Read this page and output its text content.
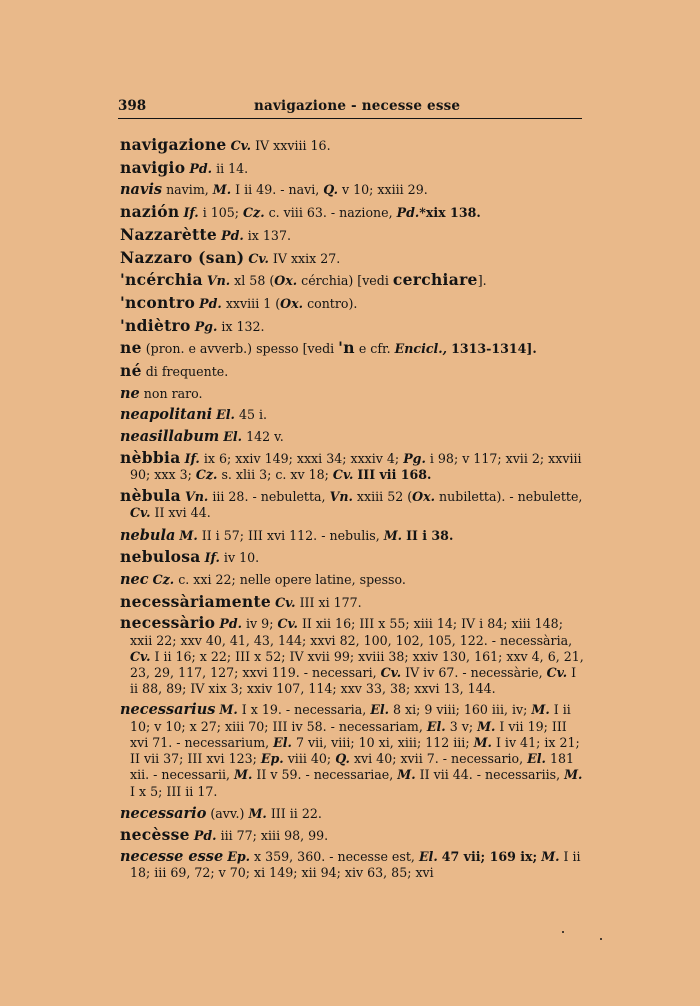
398	navigazione - necesse esse

navigazione Cv. IV xxviii 16.

navigio Pd. ii 14.

navis navim, M. I ii 49. - navi, Q. v 10; xxiii 29.

nazión If. i 105; Cz. c. viii 63. - nazione, Pd.*xix 138.

Nazzarètte Pd. ix 137.

Nazzaro (san) Cv. IV xxix 27.

'ncérchia Vn. xl 58 (Ox. cérchia) [vedi cerchiare].

'ncontro Pd. xxviii 1 (Ox. contro).

'ndiètro Pg. ix 132.

ne (pron. e avverb.) spesso [vedi 'n e cfr. Encicl., 1313-1314].

né di frequente.

ne non raro.

neapolitani El. 45 i.

neasillabum El. 142 v.

nèbbia If. ix 6; xxiv 149; xxxi 34; xxxiv 4; Pg. i 98; v 117; xvii 2; xxviii 90; xxx 3; Cz. s. xlii 3; c. xv 18; Cv. III vii 168.

nèbula Vn. iii 28. - nebuletta, Vn. xxiii 52 (Ox. nubiletta). - nebulette, Cv. II xvi 44.

nebula M. II i 57; III xvi 112. - nebulis, M. II i 38.

nebulosa If. iv 10.

nec Cz. c. xxi 22; nelle opere latine, spesso.

necessàriamente Cv. III xi 177.

necessàrio Pd. iv 9; Cv. II xii 16; III x 55; xiii 14; IV i 84; xiii 148; xxii 22; xxv 40, 41, 43, 144; xxvi 82, 100, 102, 105, 122. - necessària, Cv. I ii 16; x 22; III x 52; IV xvii 99; xviii 38; xxiv 130, 161; xxv 4, 6, 21, 23, 29, 117, 127; xxvi 119. - necessari, Cv. IV iv 67. - necessàrie, Cv. I ii 88, 89; IV xix 3; xxiv 107, 114; xxv 33, 38; xxvi 13, 144.

necessarius M. I x 19. - necessaria, El. 8 xi; 9 viii; 160 iii, iv; M. I ii 10; v 10; x 27; xiii 70; III iv 58. - necessariam, El. 3 v; M. I vii 19; III xvi 71. - necessarium, El. 7 vii, viii; 10 xi, xiii; 112 iii; M. I iv 41; ix 21; II vii 37; III xvi 123; Ep. viii 40; Q. xvi 40; xvii 7. - necessario, El. 181 xii. - necessarii, M. II v 59. - necessariae, M. II vii 44. - necessariis, M. I x 5; III ii 17.

necessario (avv.) M. III ii 22.

necèsse Pd. iii 77; xiii 98, 99.

necesse esse Ep. x 359, 360. - necesse est, El. 47 vii; 169 ix; M. I ii 18; iii 69, 72; v 70; xi 149; xii 94; xiv 63, 85; xvi
